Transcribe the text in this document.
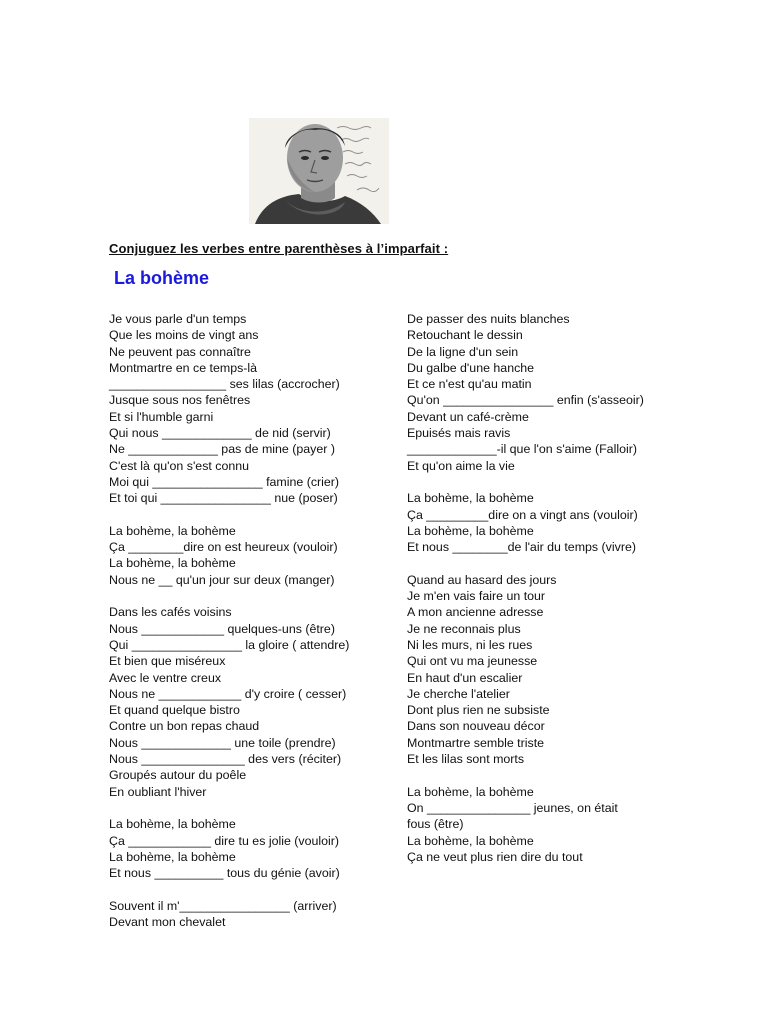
Conjuguez les verbes entre parenthèses à l’imparfait :
La bohème
Je vous parle d'un temps
Que les moins de vingt ans
Ne peuvent pas connaître
Montmartre en ce temps-là
_________________ ses lilas (accrocher)
Jusque sous nos fenêtres
Et si l'humble garni
Qui nous _____________ de nid (servir)
Ne _____________ pas de mine (payer )
C'est là qu'on s'est connu
Moi qui ________________ famine (crier)
Et toi qui ________________ nue (poser)
La bohème, la bohème
Ça ________dire on est heureux (vouloir)
La bohème, la bohème
Nous ne __ qu'un jour sur deux (manger)
Dans les cafés voisins
Nous ____________ quelques-uns (être)
Qui ________________ la gloire ( attendre)
Et bien que miséreux
Avec le ventre creux
Nous ne ____________ d'y croire ( cesser)
Et quand quelque bistro
Contre un bon repas chaud
Nous _____________ une toile (prendre)
Nous _______________ des vers (réciter)
Groupés autour du poêle
En oubliant l'hiver
La bohème, la bohème
Ça ____________ dire tu es jolie (vouloir)
La bohème, la bohème
Et nous __________ tous du génie (avoir)
Souvent il m'________________ (arriver)
Devant mon chevalet
De passer des nuits blanches
Retouchant le dessin
De la ligne d'un sein
Du galbe d'une hanche
Et ce n'est qu'au matin
Qu'on ________________ enfin (s'asseoir)
Devant un café-crème
Epuisés mais ravis
_____________-il que l'on s'aime (Falloir)
Et qu'on aime la vie
La bohème, la bohème
Ça _________dire on a vingt ans (vouloir)
La bohème, la bohème
Et nous ________de l'air du temps (vivre)
Quand au hasard des jours
Je m'en vais faire un tour
A mon ancienne adresse
Je ne reconnais plus
Ni les murs, ni les rues
Qui ont vu ma jeunesse
En haut d'un escalier
Je cherche l'atelier
Dont plus rien ne subsiste
Dans son nouveau décor
Montmartre semble triste
Et les lilas sont morts
La bohème, la bohème
On _______________ jeunes, on était
fous (être)
La bohème, la bohème
Ça ne veut plus rien dire du tout
